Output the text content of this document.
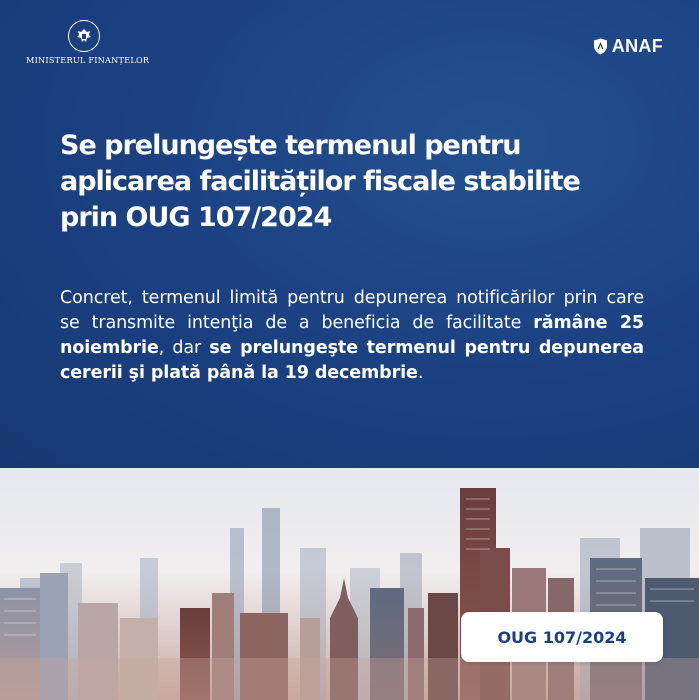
MINISTERUL FINANȚELOR
ANAF
Se prelungește termenul pentru aplicarea facilităților fiscale stabilite prin OUG 107/2024

Concret, termenul limită pentru depunerea notificărilor prin care se transmite intenţia de a beneficia de facilitate rămâne 25 noiembrie, dar se prelungeşte termenul pentru depunerea cererii şi plată până la 19 decembrie.

OUG 107/2024
